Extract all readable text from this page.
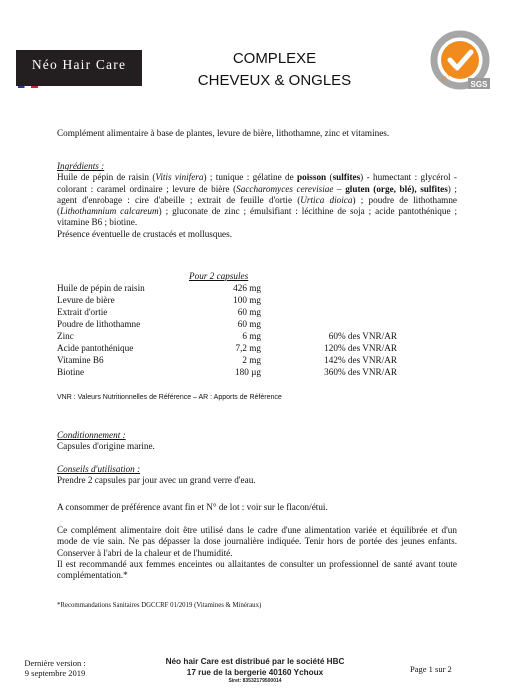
Néo Hair Care	COMPLEXE
CHEVEUX & ONGLES	SGS
ISO 22000

Complément alimentaire à base de plantes, levure de bière, lithothamne, zinc et vitamines.

Ingrédients :

Huile de pépin de raisin (Vitis vinifera) ; tunique : gélatine de poisson (sulfites) - humectant : glycérol - colorant : caramel ordinaire ; levure de bière (Saccharomyces cerevisiae – gluten (orge, blé), sulfites) ; agent d'enrobage : cire d'abeille ; extrait de feuille d'ortie (Urtica dioica) ; poudre de lithothamne (Lithothamnium calcareum) ; gluconate de zinc ; émulsifiant : lécithine de soja ; acide pantothénique ; vitamine B6 ; biotine.

Présence éventuelle de crustacés et mollusques.

Pour 2 capsules
Huile de pépin de raisin	426 mg
Levure de bière	100 mg
Extrait d'ortie	60 mg
Poudre de lithothamne	60 mg
Zinc	6 mg	60% des VNR/AR
Acide pantothénique	7,2 mg	120% des VNR/AR
Vitamine B6	2 mg	142% des VNR/AR
Biotine	180 µg	360% des VNR/AR

VNR : Valeurs Nutritionnelles de Référence – AR : Apports de Référence

Conditionnement :

Capsules d'origine marine.

Conseils d'utilisation :

Prendre 2 capsules par jour avec un grand verre d'eau.

A consommer de préférence avant fin et N° de lot : voir sur le flacon/étui.

Ce complément alimentaire doit être utilisé dans le cadre d'une alimentation variée et équilibrée et d'un mode de vie sain. Ne pas dépasser la dose journalière indiquée. Tenir hors de portée des jeunes enfants. Conserver à l'abri de la chaleur et de l'humidité.

Il est recommandé aux femmes enceintes ou allaitantes de consulter un professionnel de santé avant toute complémentation.*

*Recommandations Sanitaires DGCCRF 01/2019 (Vitamines & Minéraux)

Dernière version :
9 septembre 2019
Néo hair Care est distribué par le société HBC
17 rue de la bergerie 40160 Ychoux
Siret: 83532179500014
Page 1 sur 2
